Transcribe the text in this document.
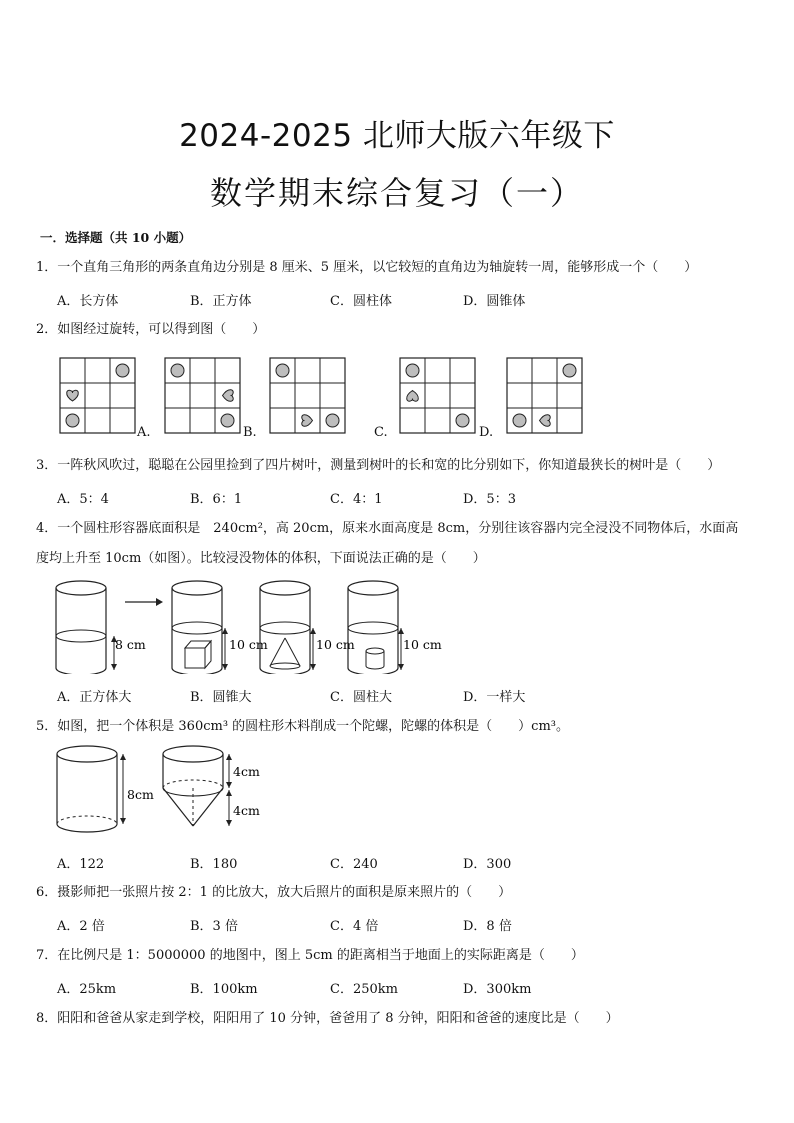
2024-2025 北师大版六年级下
数学期末综合复习（一）
一．选择题（共 10 小题）
1．一个直角三角形的两条直角边分别是 8 厘米、5 厘米，以它较短的直角边为轴旋转一周，能够形成一个（　　）
A．长方体	B．正方体	C．圆柱体	D．圆锥体
2．如图经过旋转，可以得到图（　　）
A.	B.	C.	D.
3．一阵秋风吹过，聪聪在公园里捡到了四片树叶，测量到树叶的长和宽的比分别如下，你知道最狭长的树叶是（　　）
A．5：4	B．6：1	C．4：1	D．5：3
4．一个圆柱形容器底面积是　240cm²，高 20cm，原来水面高度是 8cm，分别往该容器内完全浸没不同物体后，水面高
度均上升至 10cm（如图）。比较浸没物体的体积，下面说法正确的是（　　）
8 cm	10 cm	10 cm	10 cm
A．正方体大	B．圆锥大	C．圆柱大	D．一样大
5．如图，把一个体积是 360cm³ 的圆柱形木料削成一个陀螺，陀螺的体积是（　　）cm³。
8cm
4cm
4cm
A．122	B．180	C．240	D．300
6．摄影师把一张照片按 2：1 的比放大，放大后照片的面积是原来照片的（　　）
A．2 倍	B．3 倍	C．4 倍	D．8 倍
7．在比例尺是 1：5000000 的地图中，图上 5cm 的距离相当于地面上的实际距离是（　　）
A．25km	B．100km	C．250km	D．300km
8．阳阳和爸爸从家走到学校，阳阳用了 10 分钟，爸爸用了 8 分钟，阳阳和爸爸的速度比是（　　）
